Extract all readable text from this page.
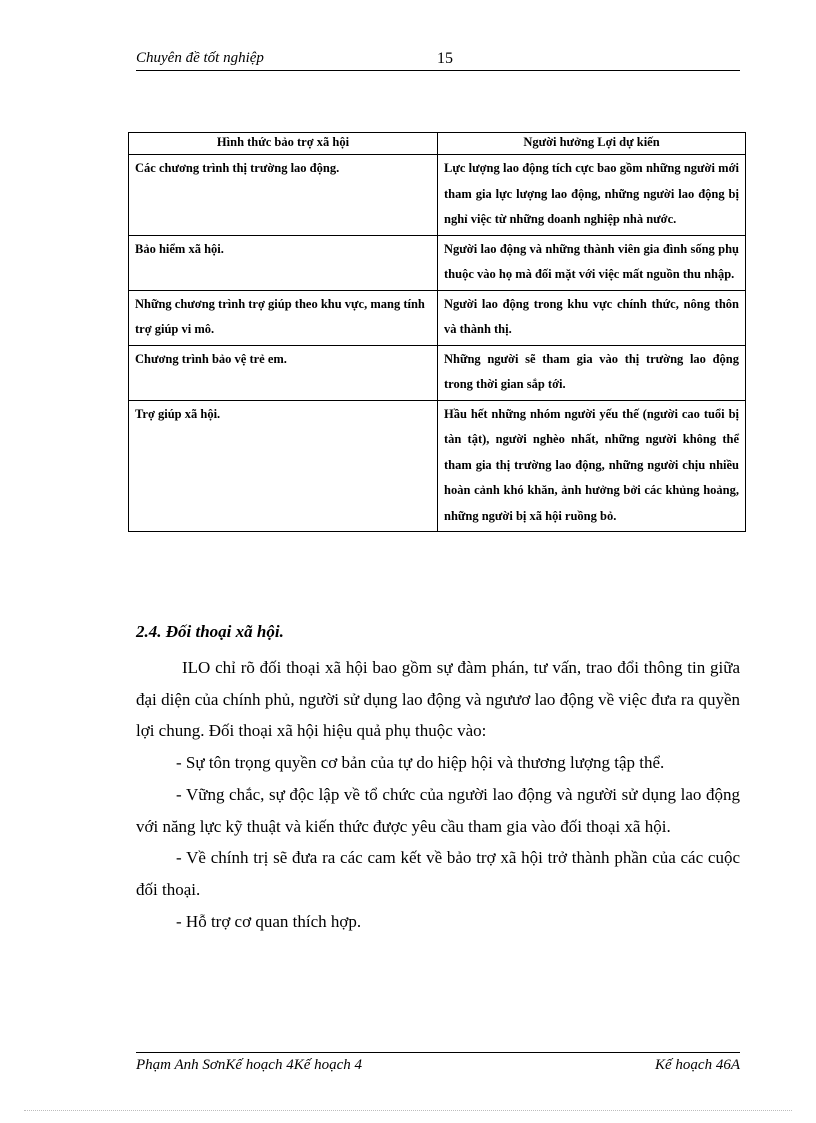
Chuyên đề tốt nghiệp	15
Hình thức bảo trợ xã hội	Người hưởng Lợi dự kiến
Các chương trình thị trường lao động.	Lực lượng lao động tích cực bao gồm những người mới tham gia lực lượng lao động, những người lao động bị nghỉ việc từ những doanh nghiệp nhà nước.
Bảo hiểm xã hội.	Người lao động và những thành viên gia đình sống phụ thuộc vào họ mà đối mặt với việc mất nguồn thu nhập.
Những chương trình trợ giúp theo khu vực, mang tính trợ giúp vi mô.	Người lao động trong khu vực chính thức, nông thôn và thành thị.
Chương trình bảo vệ trẻ em.	Những người sẽ tham gia vào thị trường lao động trong thời gian sắp tới.
Trợ giúp xã hội.	Hầu hết những nhóm người yếu thế (người cao tuổi bị tàn tật), người nghèo nhất, những người không thể tham gia thị trường lao động, những người chịu nhiều hoàn cảnh khó khăn, ảnh hưởng bởi các khủng hoảng, những người bị xã hội ruồng bỏ.
2.4. Đối thoại xã hội.

ILO chỉ rõ đối thoại xã hội bao gồm sự đàm phán, tư vấn, trao đổi thông tin giữa đại diện của chính phủ, người sử dụng lao động và ngưươ lao động về việc đưa ra quyền lợi chung. Đối thoại xã hội hiệu quả phụ thuộc vào:

- Sự tôn trọng quyền cơ bản của tự do hiệp hội và thương lượng tập thể.

- Vững chắc, sự độc lập về tổ chức của người lao động và người sử dụng lao động với năng lực kỹ thuật và kiến thức được yêu cầu tham gia vào đối thoại xã hội.

- Về chính trị sẽ đưa ra các cam kết về bảo trợ xã hội trở thành phần của các cuộc đối thoại.

- Hỗ trợ cơ quan thích hợp.

Phạm Anh SơnKế hoạch 4Kế hoạch 4	Kế hoạch 46A
